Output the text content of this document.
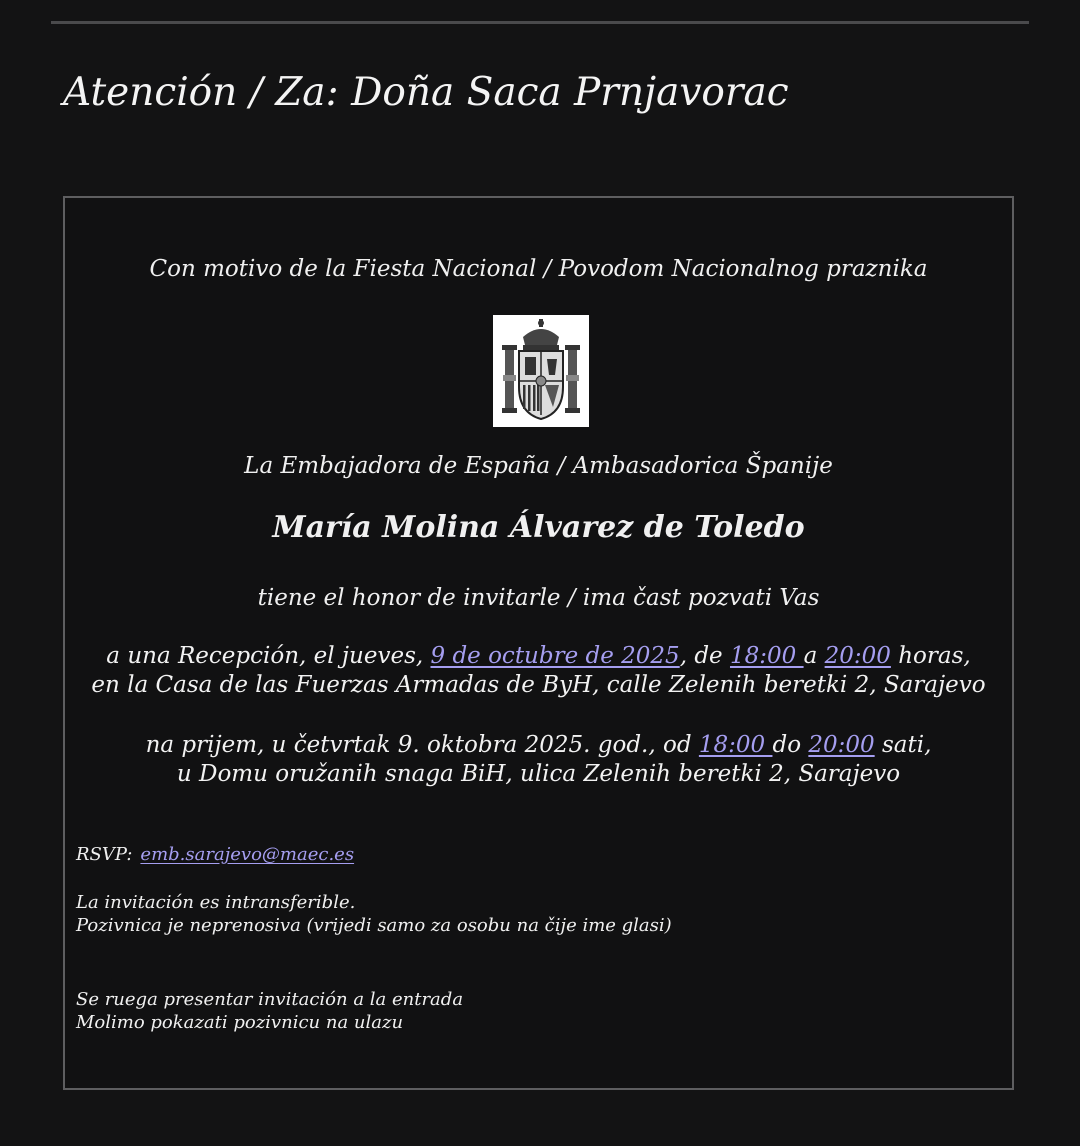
Atención / Za: Doña Saca Prnjavorac
Con motivo de la Fiesta Nacional / Povodom Nacionalnog praznika
La Embajadora de España / Ambasadorica Španije
María Molina Álvarez de Toledo
tiene el honor de invitarle / ima čast pozvati Vas
a una Recepción, el jueves, 9 de octubre de 2025, de 18:00 a 20:00 horas,
en la Casa de las Fuerzas Armadas de ByH, calle Zelenih beretki 2, Sarajevo
na prijem, u četvrtak 9. oktobra 2025. god., od 18:00 do 20:00 sati,
u Domu oružanih snaga BiH, ulica Zelenih beretki 2, Sarajevo
RSVP: emb.sarajevo@maec.es
La invitación es intransferible.
Pozivnica je neprenosiva (vrijedi samo za osobu na čije ime glasi)
Se ruega presentar invitación a la entrada
Molimo pokazati pozivnicu na ulazu
